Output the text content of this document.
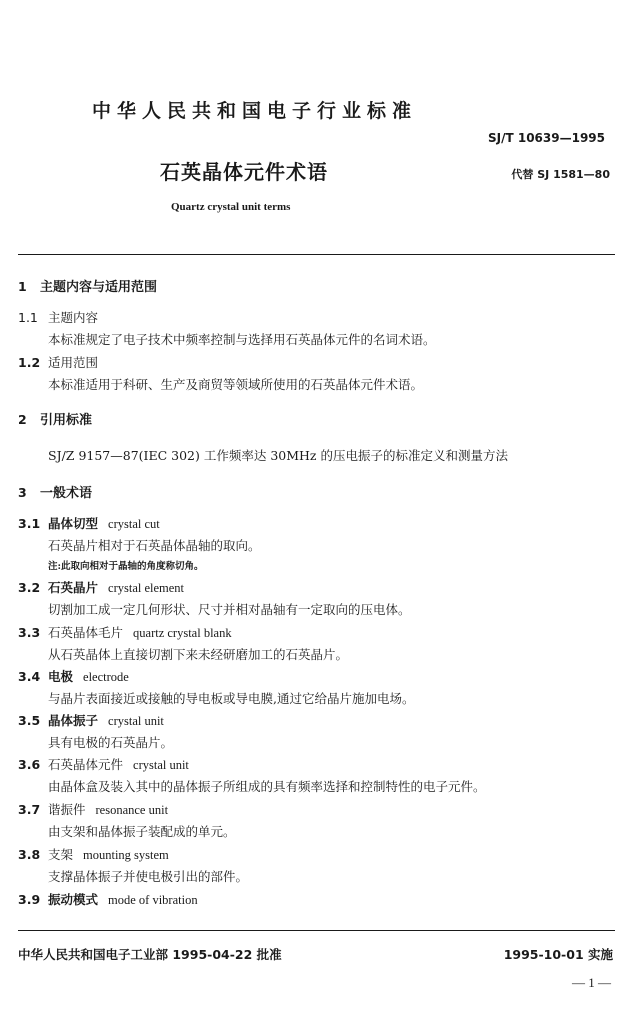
中华人民共和国电子行业标准
SJ/T 10639—1995
石英晶体元件术语	代替 SJ 1581—80
Quartz crystal unit terms
1 主题内容与适用范围
1.1 主题内容
本标准规定了电子技术中频率控制与选择用石英晶体元件的名词术语。
1.2 适用范围
本标准适用于科研、生产及商贸等领域所使用的石英晶体元件术语。
2 引用标准
SJ/Z 9157—87(IEC 302) 工作频率达 30MHz 的压电振子的标准定义和测量方法
3 一般术语
3.1 晶体切型 crystal cut
石英晶片相对于石英晶体晶轴的取向。
注:此取向相对于晶轴的角度称切角。
3.2 石英晶片 crystal element
切割加工成一定几何形状、尺寸并相对晶轴有一定取向的压电体。
3.3 石英晶体毛片 quartz crystal blank
从石英晶体上直接切割下来未经研磨加工的石英晶片。
3.4 电极 electrode
与晶片表面接近或接触的导电板或导电膜,通过它给晶片施加电场。
3.5 晶体振子 crystal unit
具有电极的石英晶片。
3.6 石英晶体元件 crystal unit
由晶体盒及装入其中的晶体振子所组成的具有频率选择和控制特性的电子元件。
3.7 谐振件 resonance unit
由支架和晶体振子装配成的单元。
3.8 支架 mounting system
支撑晶体振子并使电极引出的部件。
3.9 振动模式 mode of vibration
中华人民共和国电子工业部 1995-04-22 批准	1995-10-01 实施
— 1 —
